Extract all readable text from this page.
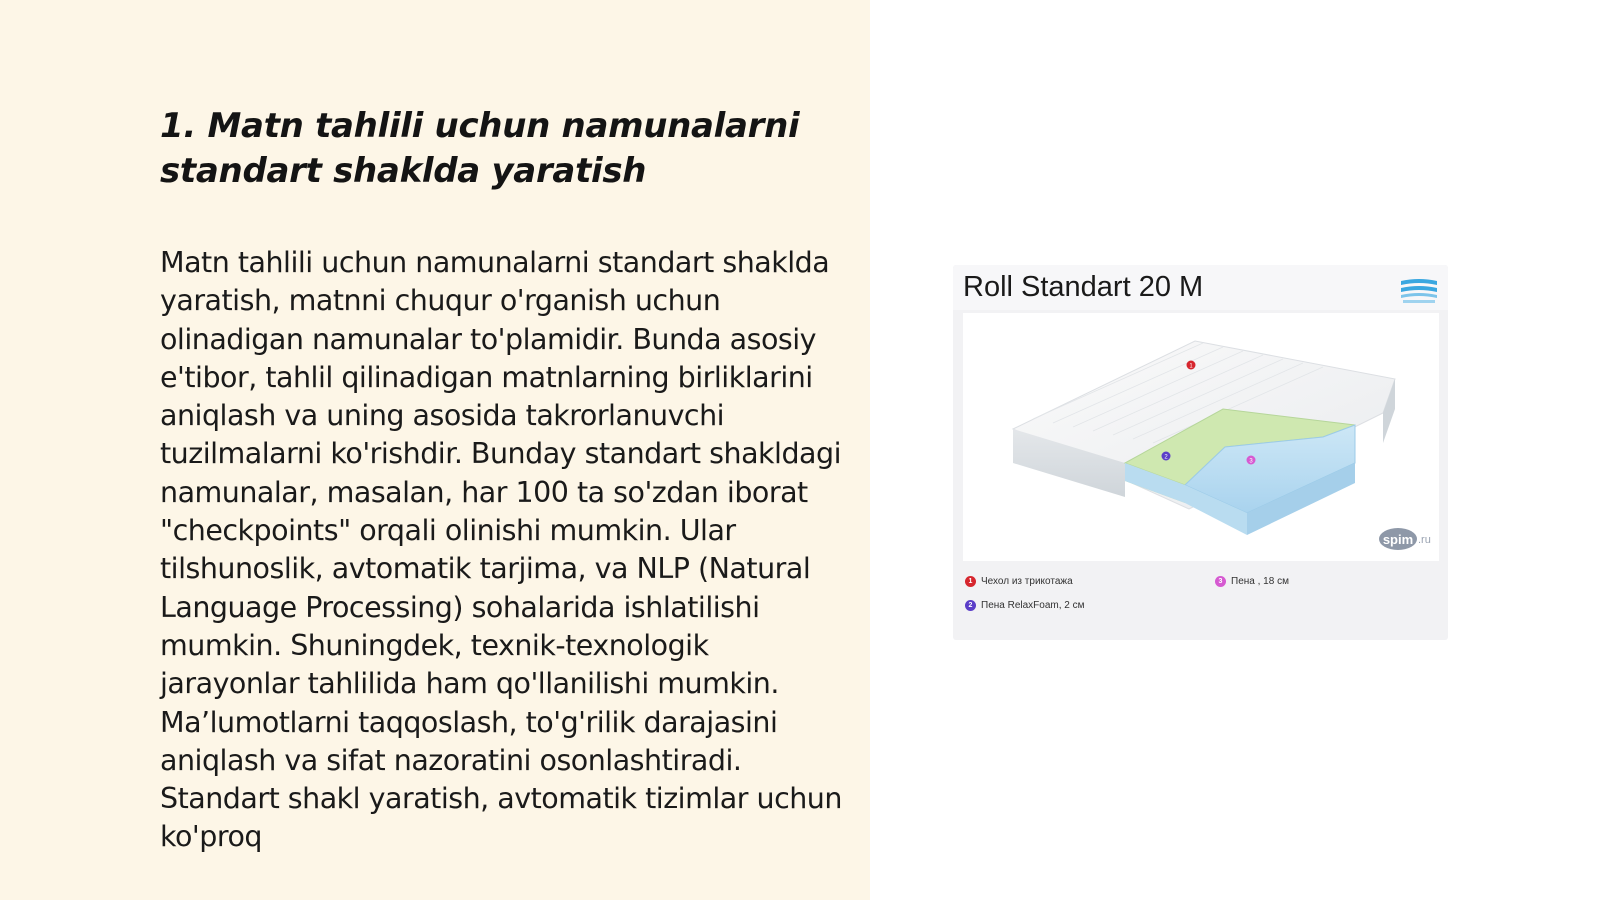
1. Matn tahlili uchun namunalarni standart shaklda yaratish

Matn tahlili uchun namunalarni standart shaklda yaratish, matnni chuqur o'rganish uchun olinadigan namunalar to'plamidir. Bunda asosiy e'tibor, tahlil qilinadigan matnlarning birliklarini aniqlash va uning asosida takrorlanuvchi tuzilmalarni ko'rishdir. Bunday standart shakldagi namunalar, masalan, har 100 ta so'zdan iborat "checkpoints" orqali olinishi mumkin. Ular tilshunoslik, avtomatik tarjima, va NLP (Natural Language Processing) sohalarida ishlatilishi mumkin. Shuningdek, texnik-texnologik jarayonlar tahlilida ham qo'llanilishi mumkin. Ma’lumotlarni taqqoslash, to'g'rilik darajasini aniqlash va sifat nazoratini osonlashtiradi. Standart shakl yaratish, avtomatik tizimlar uchun ko'proq

Roll Standart 20 M
1
2
3
spim .ru
1 Чехол из трикотажа
2 Пена RelaxFoam, 2 см
3 Пена , 18 см
